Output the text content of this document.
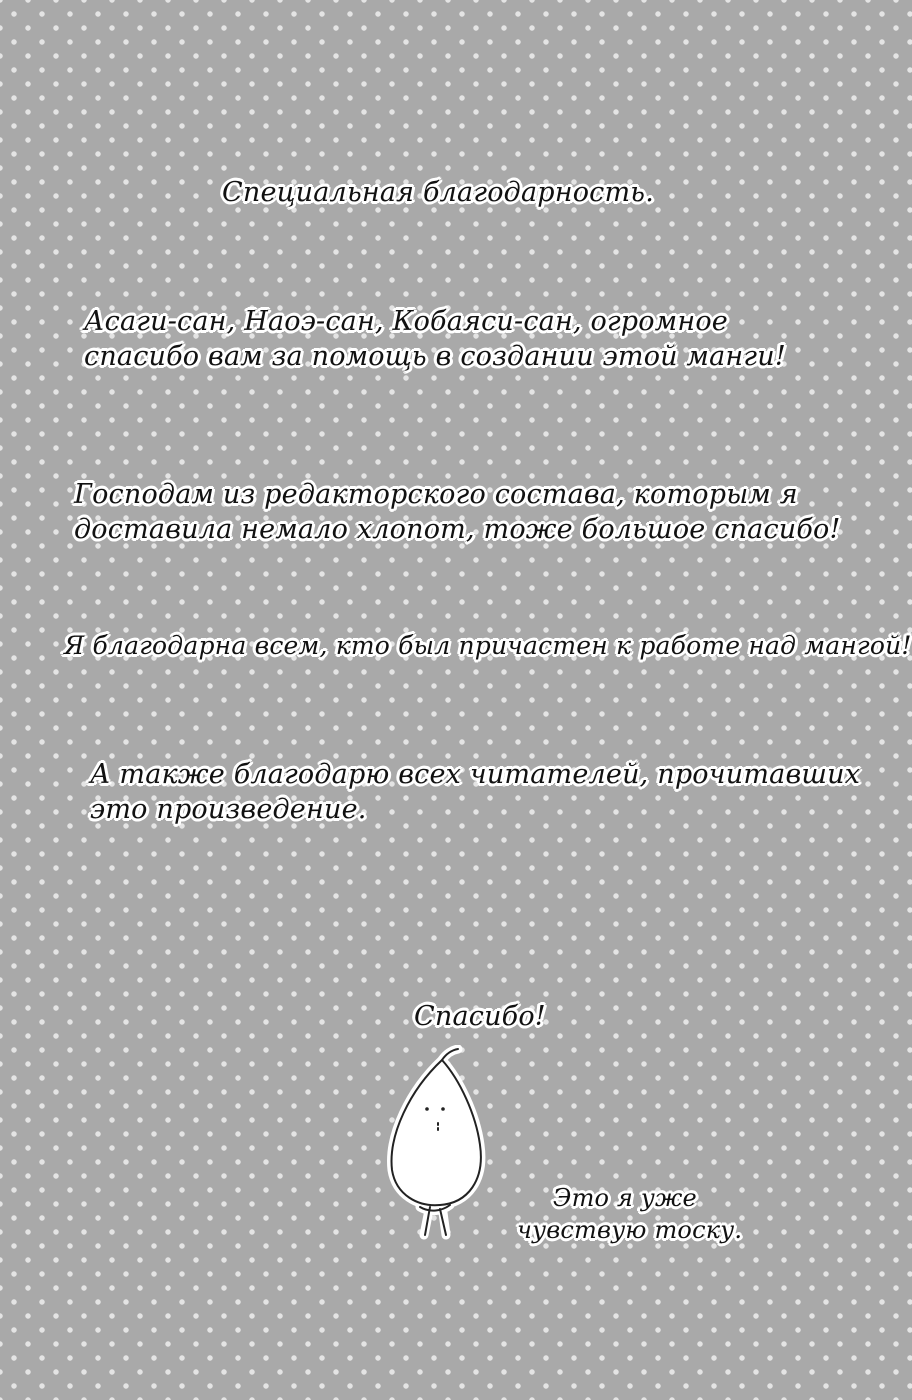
Специальная благодарность.
Асаги-сан, Наоэ-сан, Кобаяси-сан, огромное
спасибо вам за помощь в создании этой манги!
Господам из редакторского состава, которым я
доставила немало хлопот, тоже большое спасибо!
Я благодарна всем, кто был причастен к работе над мангой!
А также благодарю всех читателей, прочитавших
это произведение.
Спасибо!
Это я уже
чувствую тоску.
